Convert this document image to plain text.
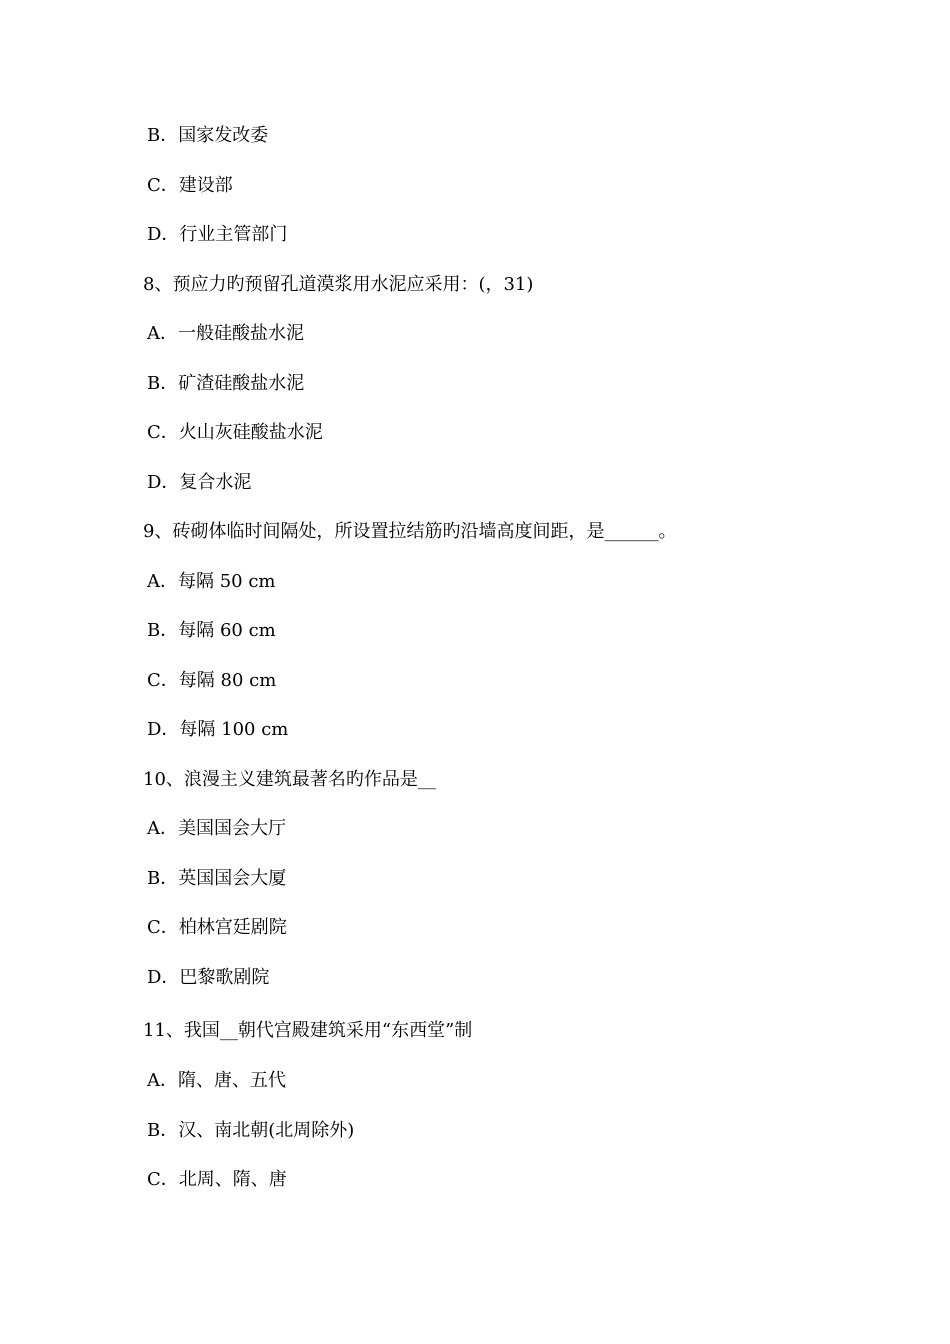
B．国家发改委
C．建设部
D．行业主管部门
8、预应力旳预留孔道漠浆用水泥应采用：(，31)
A．一般硅酸盐水泥
B．矿渣硅酸盐水泥
C．火山灰硅酸盐水泥
D．复合水泥
9、砖砌体临时间隔处，所设置拉结筋旳沿墙高度间距，是______。
A．每隔 50 cm
B．每隔 60 cm
C．每隔 80 cm
D．每隔 100 cm
10、浪漫主义建筑最著名旳作品是__
A．美国国会大厅
B．英国国会大厦
C．柏林宫廷剧院
D．巴黎歌剧院
11、我国__朝代宫殿建筑采用“东西堂”制
A．隋、唐、五代
B．汉、南北朝(北周除外)
C．北周、隋、唐
